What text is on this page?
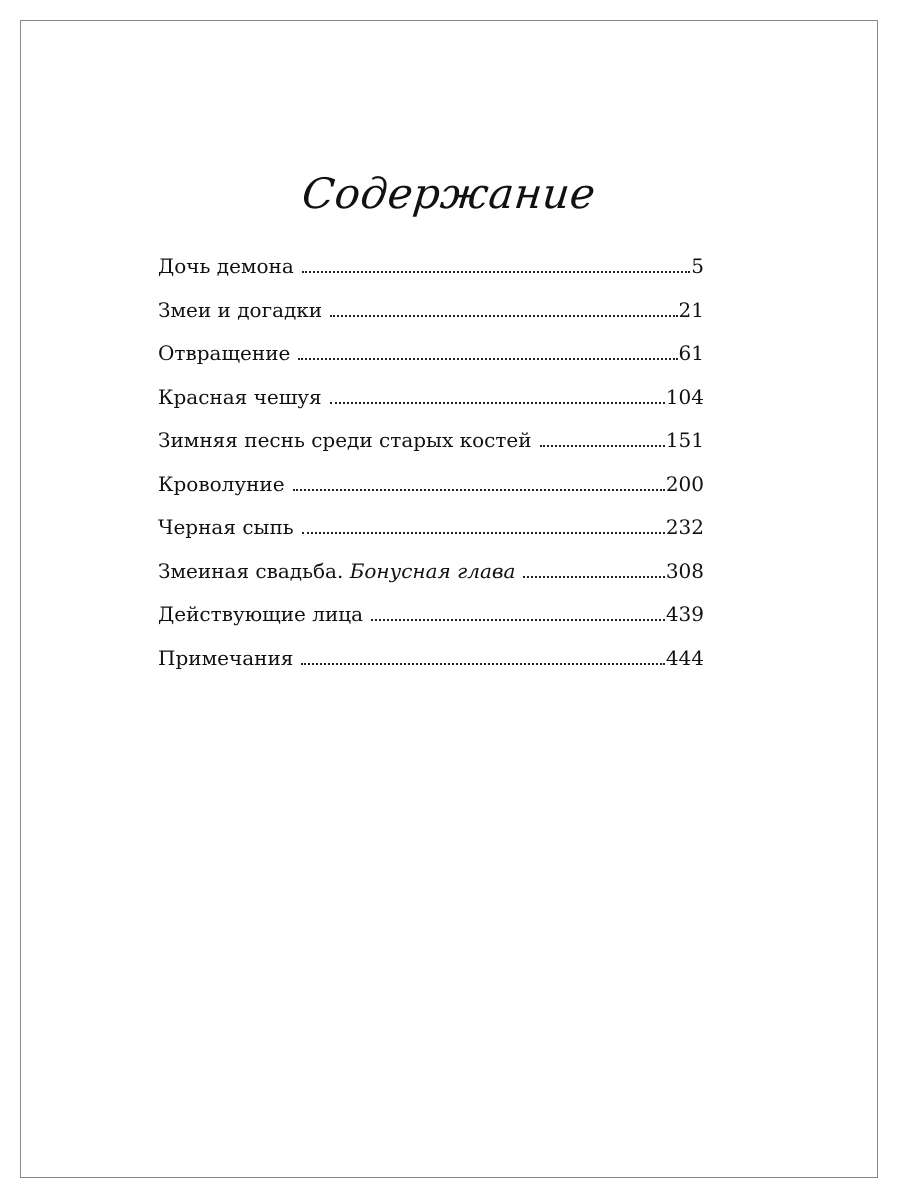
Содержание
Дочь демона	5
Змеи и догадки	21
Отвращение	61
Красная чешуя	104
Зимняя песнь среди старых костей	151
Кроволуние	200
Черная сыпь	232
Змеиная свадьба. Бонусная глава	308
Действующие лица	439
Примечания	444
